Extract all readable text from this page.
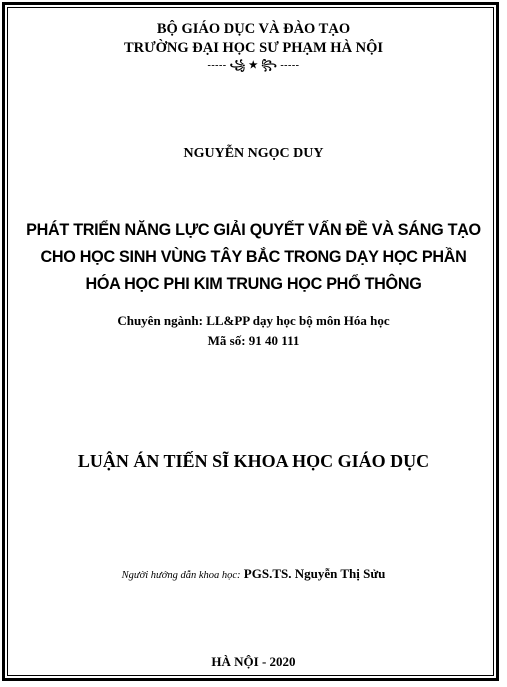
BỘ GIÁO DỤC VÀ ĐÀO TẠO
TRƯỜNG ĐẠI HỌC SƯ PHẠM HÀ NỘI
----- ꧁ ★ ꧂ -----
NGUYỄN NGỌC DUY
PHÁT TRIỂN NĂNG LỰC GIẢI QUYẾT VẤN ĐỀ VÀ SÁNG TẠO
CHO HỌC SINH VÙNG TÂY BẮC TRONG DẠY HỌC PHẦN
HÓA HỌC PHI KIM TRUNG HỌC PHỔ THÔNG
Chuyên ngành: LL&PP dạy học bộ môn Hóa học
Mã số: 91 40 111
LUẬN ÁN TIẾN SĨ KHOA HỌC GIÁO DỤC
Người hướng dẫn khoa học: PGS.TS. Nguyễn Thị Sửu
HÀ NỘI - 2020
